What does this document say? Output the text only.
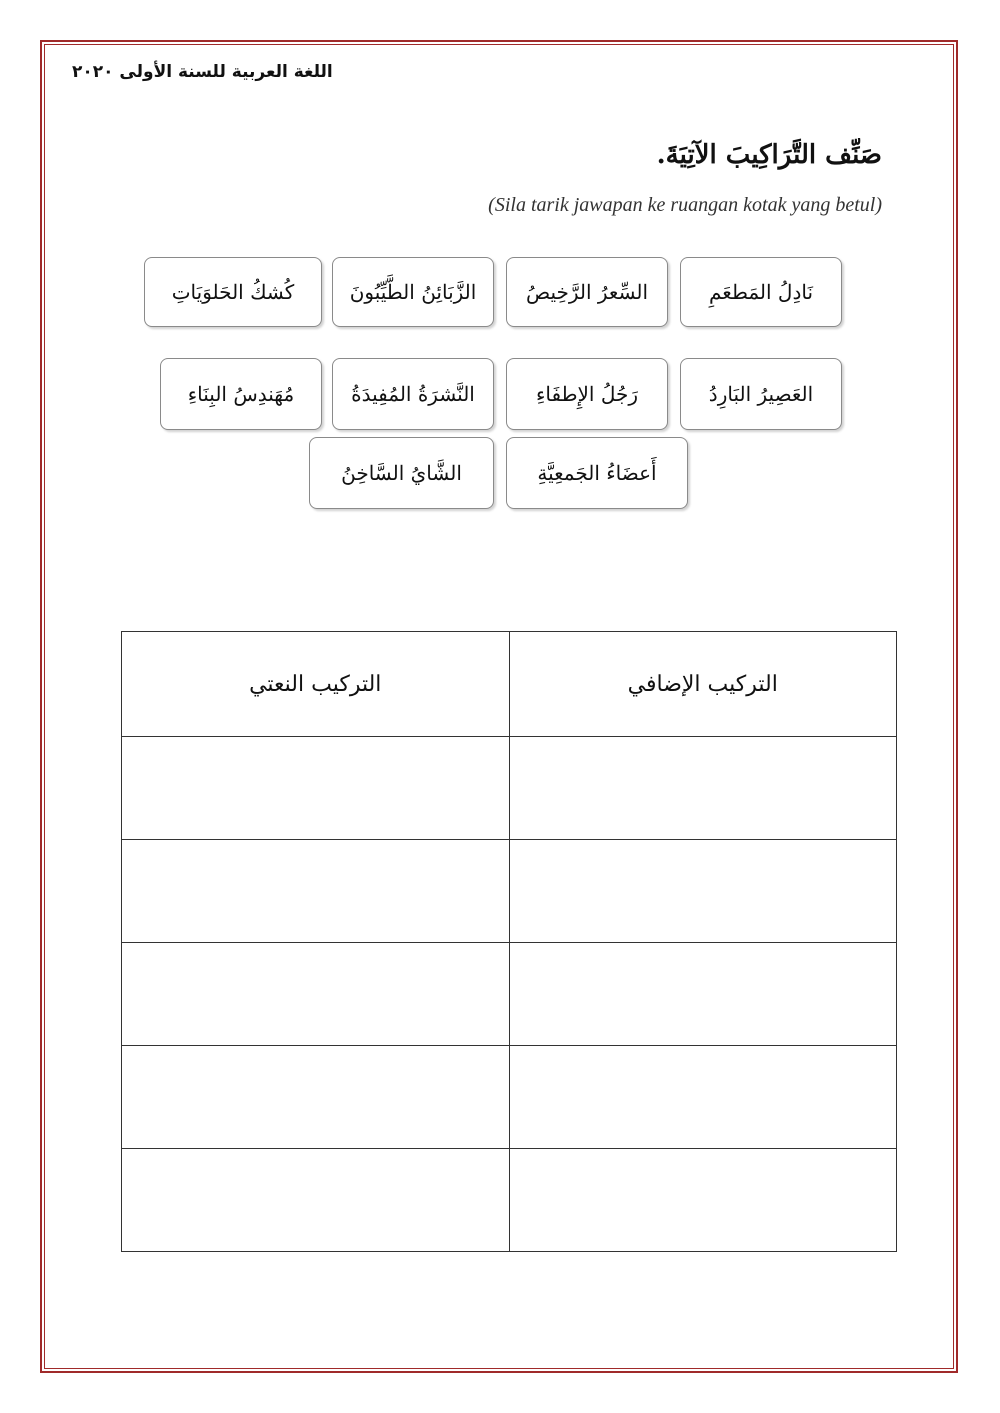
اللغة العربية للسنة الأولى ٢٠٢٠
صَنِّف التَّرَاكِيبَ الآتِيَةَ.
(Sila tarik jawapan ke ruangan kotak yang betul)
نَادِلُ المَطعَمِ
السِّعرُ الرَّخِيصُ
الزَّبَائِنُ الطَّيِّبُونَ
كُشكُ الحَلوَيَاتِ
العَصِيرُ البَارِدُ
رَجُلُ الإِطفَاءِ
النَّشرَةُ المُفِيدَةُ
مُهَندِسُ البِنَاءِ
أَعضَاءُ الجَمعِيَّةِ
الشَّايُ السَّاخِنُ
التركيب الإضافي	التركيب النعتي
